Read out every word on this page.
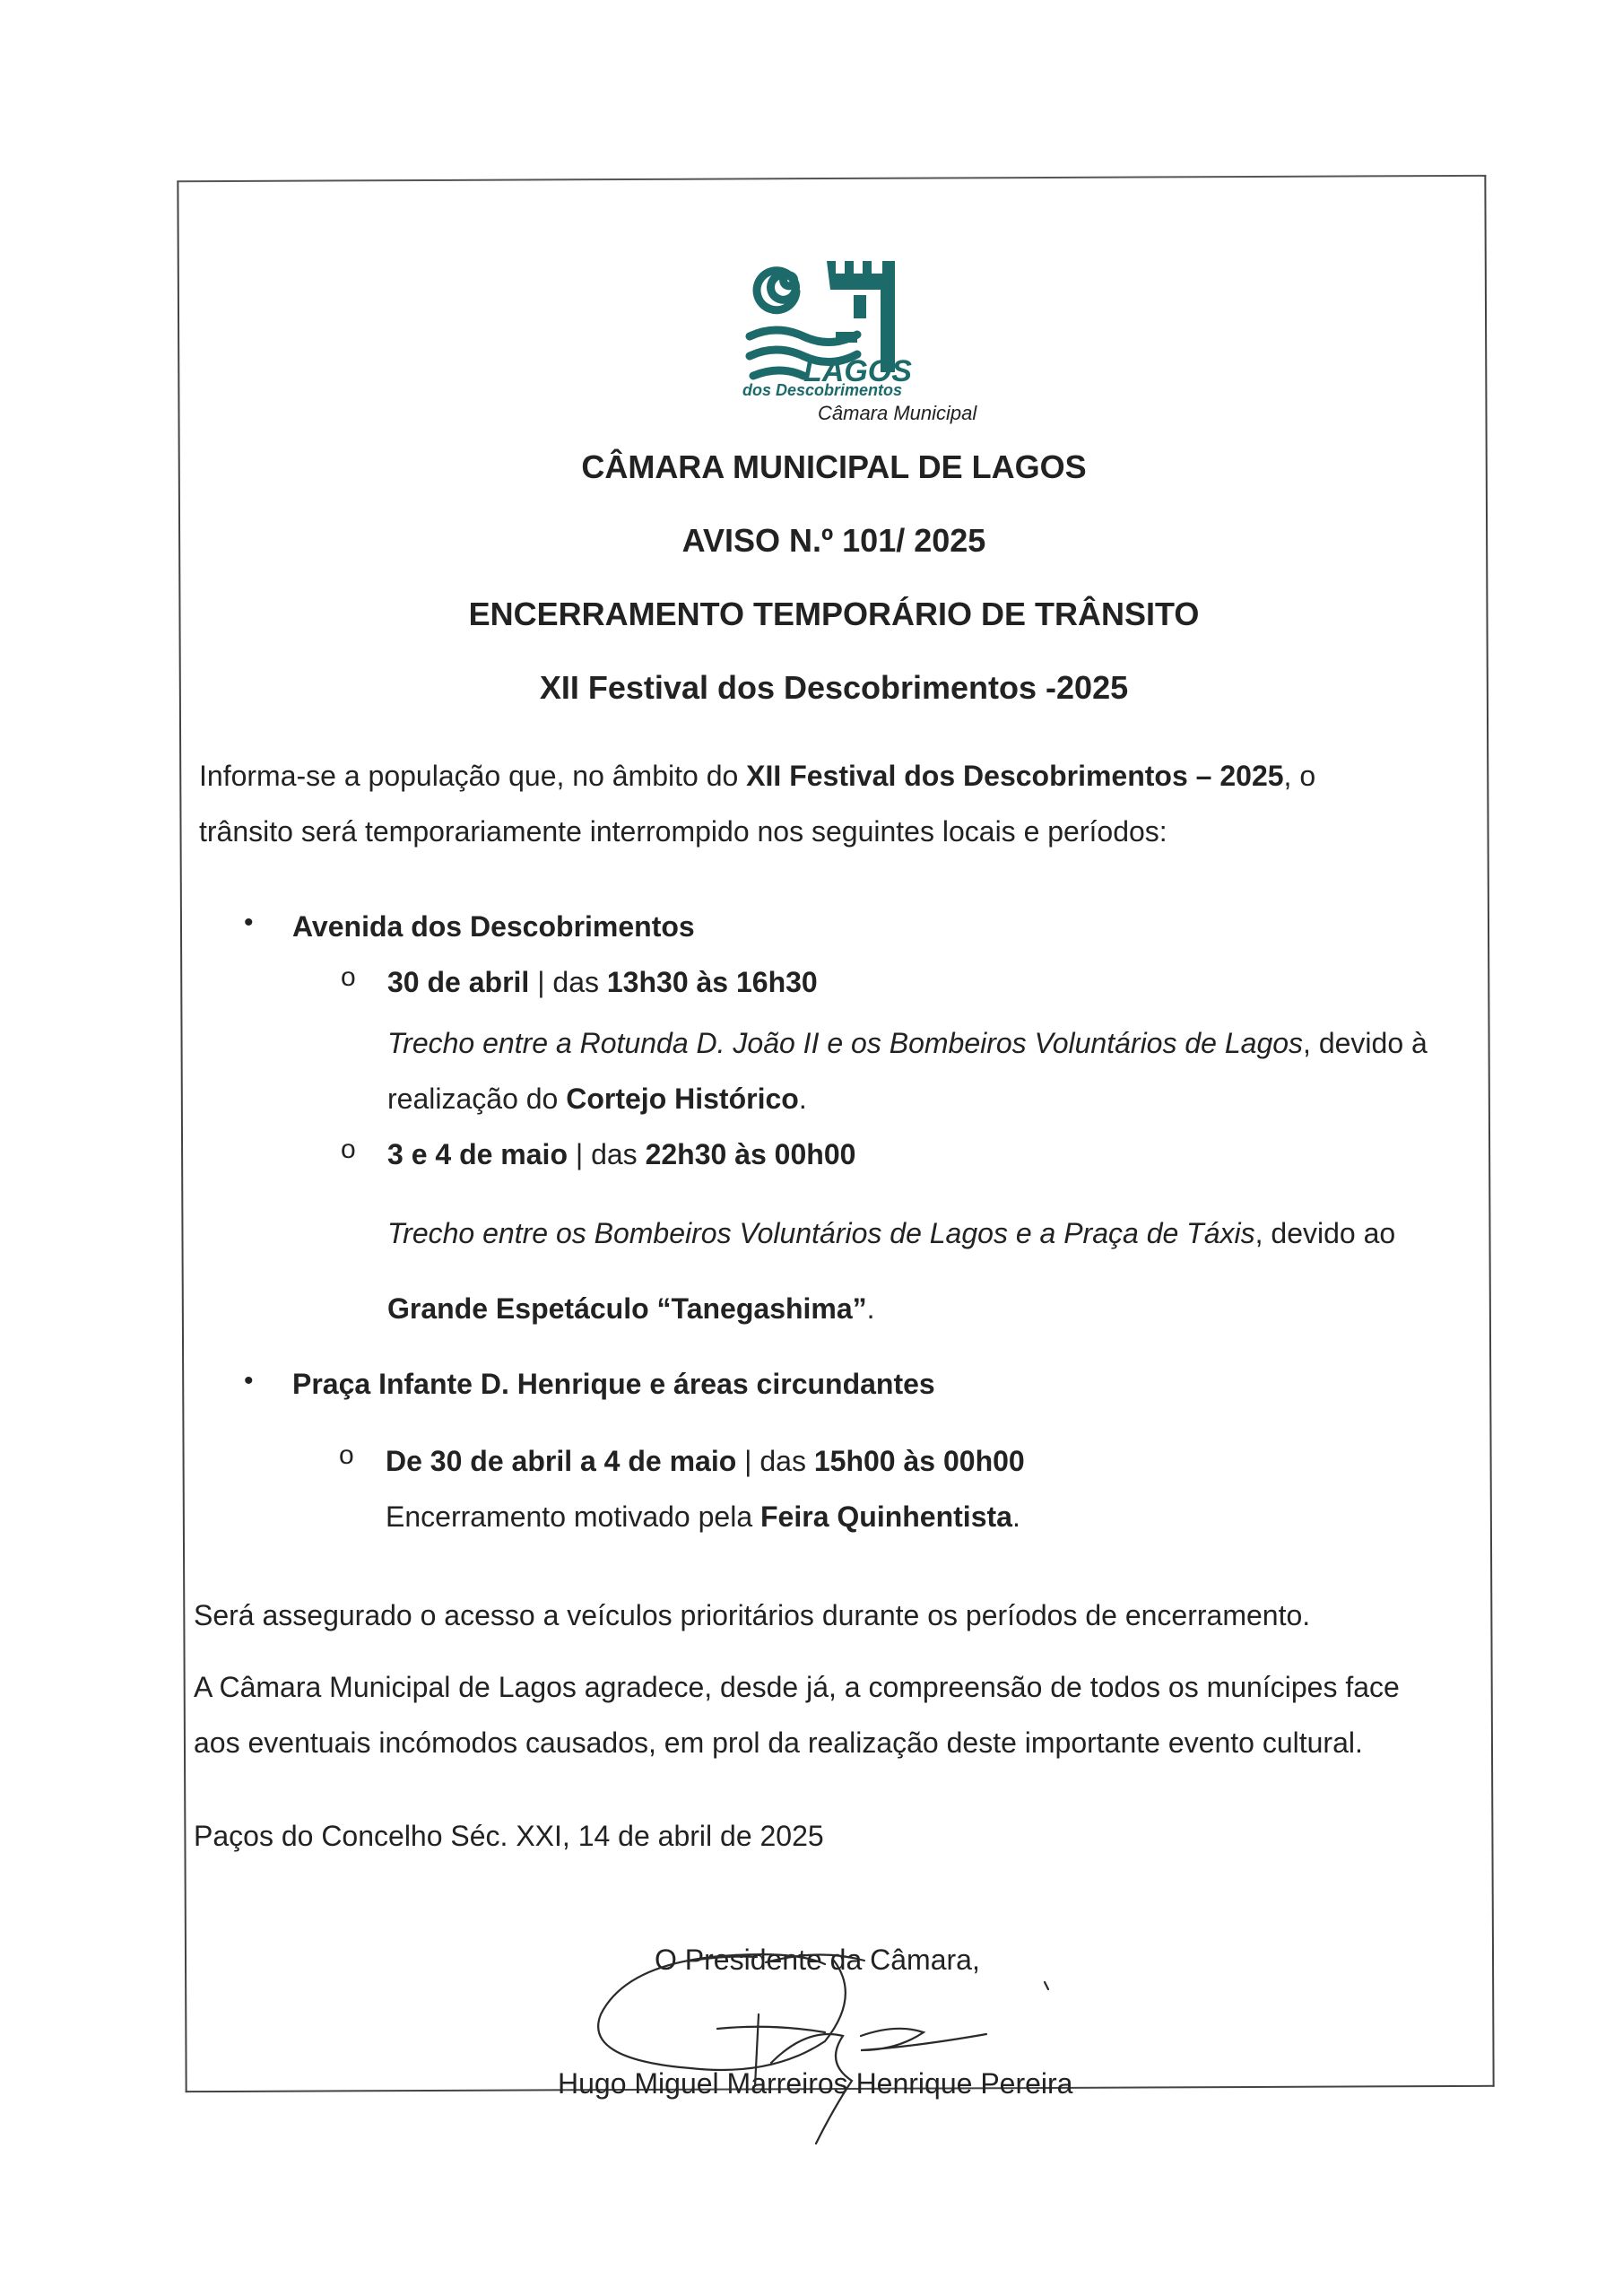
LAGOS
dos Descobrimentos
Câmara Municipal
CÂMARA MUNICIPAL DE LAGOS
AVISO N.º 101/ 2025
ENCERRAMENTO TEMPORÁRIO DE TRÂNSITO
XII Festival dos Descobrimentos -2025
Informa-se a população que, no âmbito do XII Festival dos Descobrimentos – 2025, o
trânsito será temporariamente interrompido nos seguintes locais e períodos:
• Avenida dos Descobrimentos
o 30 de abril | das 13h30 às 16h30
Trecho entre a Rotunda D. João II e os Bombeiros Voluntários de Lagos, devido à
realização do Cortejo Histórico.
o 3 e 4 de maio | das 22h30 às 00h00
Trecho entre os Bombeiros Voluntários de Lagos e a Praça de Táxis, devido ao
Grande Espetáculo “Tanegashima”.
• Praça Infante D. Henrique e áreas circundantes
o De 30 de abril a 4 de maio | das 15h00 às 00h00
Encerramento motivado pela Feira Quinhentista.
Será assegurado o acesso a veículos prioritários durante os períodos de encerramento.
A Câmara Municipal de Lagos agradece, desde já, a compreensão de todos os munícipes face
aos eventuais incómodos causados, em prol da realização deste importante evento cultural.
Paços do Concelho Séc. XXI, 14 de abril de 2025
O Presidente da Câmara,
Hugo Miguel Marreiros Henrique Pereira
